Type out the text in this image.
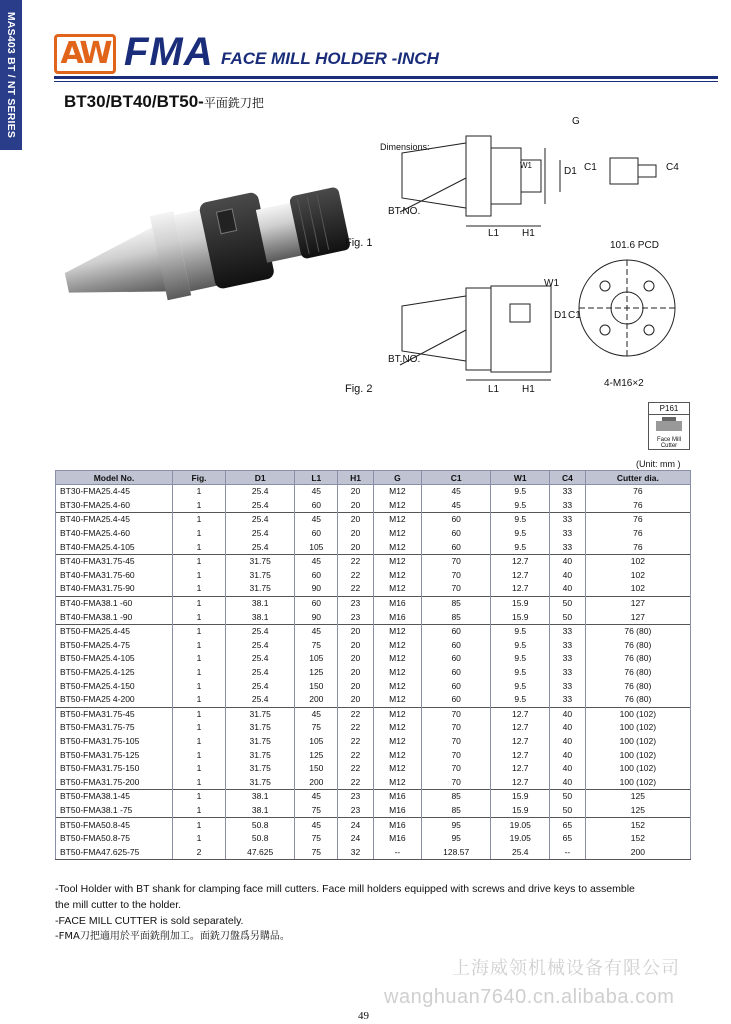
MAS403 BT / NT SERIES AW FMA FACE MILL HOLDER -INCH
BT30/BT40/BT50-平面銑刀把
Dimensions:
G
W1
D1 C1	C4
BT.NO.
L1 H1
Fig. 1	101.6 PCD
W1
D1 C1
BT.NO.
L1 H1
4-M16×2
Fig. 2
P161
Face Mill Cutter
(Unit: mm )
Model No.	Fig.	D1	L1	H1	G	C1	W1	C4	Cutter dia.
BT30-FMA25.4-45	1	25.4	45	20	M12	45	9.5	33	76
BT30-FMA25.4-60	1	25.4	60	20	M12	45	9.5	33	76
BT40-FMA25.4-45	1	25.4	45	20	M12	60	9.5	33	76
BT40-FMA25.4-60	1	25.4	60	20	M12	60	9.5	33	76
BT40-FMA25.4-105	1	25.4	105	20	M12	60	9.5	33	76
BT40-FMA31.75-45	1	31.75	45	22	M12	70	12.7	40	102
BT40-FMA31.75-60	1	31.75	60	22	M12	70	12.7	40	102
BT40-FMA31.75-90	1	31.75	90	22	M12	70	12.7	40	102
BT40-FMA38.1 -60	1	38.1	60	23	M16	85	15.9	50	127
BT40-FMA38.1 -90	1	38.1	90	23	M16	85	15.9	50	127
BT50-FMA25.4-45	1	25.4	45	20	M12	60	9.5	33	76 (80)
BT50-FMA25.4-75	1	25.4	75	20	M12	60	9.5	33	76 (80)
BT50-FMA25.4-105	1	25.4	105	20	M12	60	9.5	33	76 (80)
BT50-FMA25.4-125	1	25.4	125	20	M12	60	9.5	33	76 (80)
BT50-FMA25.4-150	1	25.4	150	20	M12	60	9.5	33	76 (80)
BT50-FMA25 4-200	1	25.4	200	20	M12	60	9.5	33	76 (80)
BT50-FMA31.75-45	1	31.75	45	22	M12	70	12.7	40	100 (102)
BT50-FMA31.75-75	1	31.75	75	22	M12	70	12.7	40	100 (102)
BT50-FMA31.75-105	1	31.75	105	22	M12	70	12.7	40	100 (102)
BT50-FMA31.75-125	1	31.75	125	22	M12	70	12.7	40	100 (102)
BT50-FMA31.75-150	1	31.75	150	22	M12	70	12.7	40	100 (102)
BT50-FMA31.75-200	1	31.75	200	22	M12	70	12.7	40	100 (102)
BT50-FMA38.1-45	1	38.1	45	23	M16	85	15.9	50	125
BT50-FMA38.1 -75	1	38.1	75	23	M16	85	15.9	50	125
BT50-FMA50.8-45	1	50.8	45	24	M16	95	19.05	65	152
BT50-FMA50.8-75	1	50.8	75	24	M16	95	19.05	65	152
BT50-FMA47.625-75	2	47.625	75	32	--	128.57	25.4	--	200
-Tool Holder with BT shank for clamping face mill cutters. Face mill holders equipped with screws and drive keys to assemble
the mill cutter to the holder.
-FACE MILL CUTTER is sold separately.
-FMA刀把適用於平面銑削加工。面銑刀盤爲另購品。
上海威领机械设备有限公司
wanghuan7640.cn.alibaba.com
49
